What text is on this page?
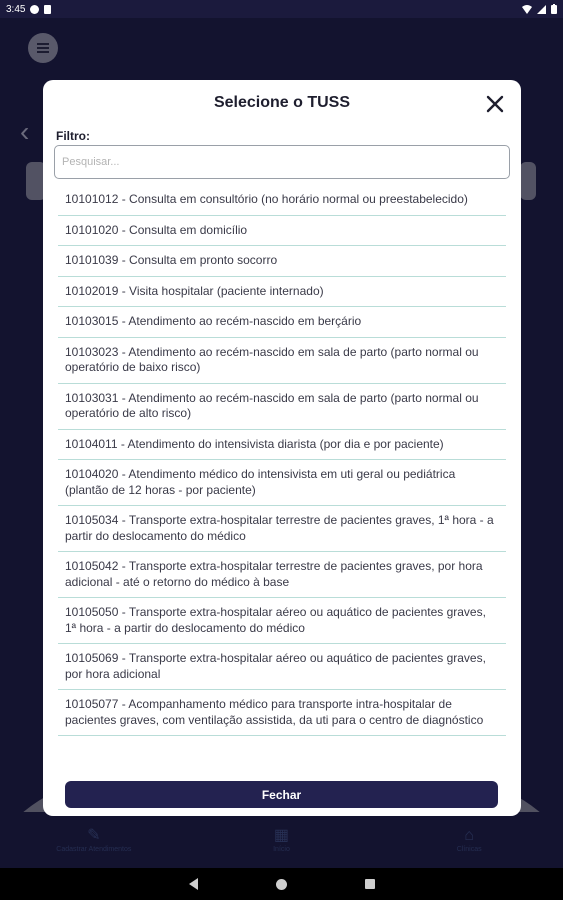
3:45
‹
✎
Cadastrar Atendimentos
▦
Início
⌂
Clínicas
Selecione o TUSS
Filtro:
Pesquisar...
10101012 - Consulta em consultório (no horário normal ou preestabelecido)
10101020 - Consulta em domicílio
10101039 - Consulta em pronto socorro
10102019 - Visita hospitalar (paciente internado)
10103015 - Atendimento ao recém-nascido em berçário
10103023 - Atendimento ao recém-nascido em sala de parto (parto normal ou operatório de baixo risco)
10103031 - Atendimento ao recém-nascido em sala de parto (parto normal ou operatório de alto risco)
10104011 - Atendimento do intensivista diarista (por dia e por paciente)
10104020 - Atendimento médico do intensivista em uti geral ou pediátrica (plantão de 12 horas - por paciente)
10105034 - Transporte extra-hospitalar terrestre de pacientes graves, 1ª hora - a partir do deslocamento do médico
10105042 - Transporte extra-hospitalar terrestre de pacientes graves, por hora adicional - até o retorno do médico à base
10105050 - Transporte extra-hospitalar aéreo ou aquático de pacientes graves, 1ª hora - a partir do deslocamento do médico
10105069 - Transporte extra-hospitalar aéreo ou aquático de pacientes graves, por hora adicional
10105077 - Acompanhamento médico para transporte intra-hospitalar de pacientes graves, com ventilação assistida, da uti para o centro de diagnóstico
Fechar
